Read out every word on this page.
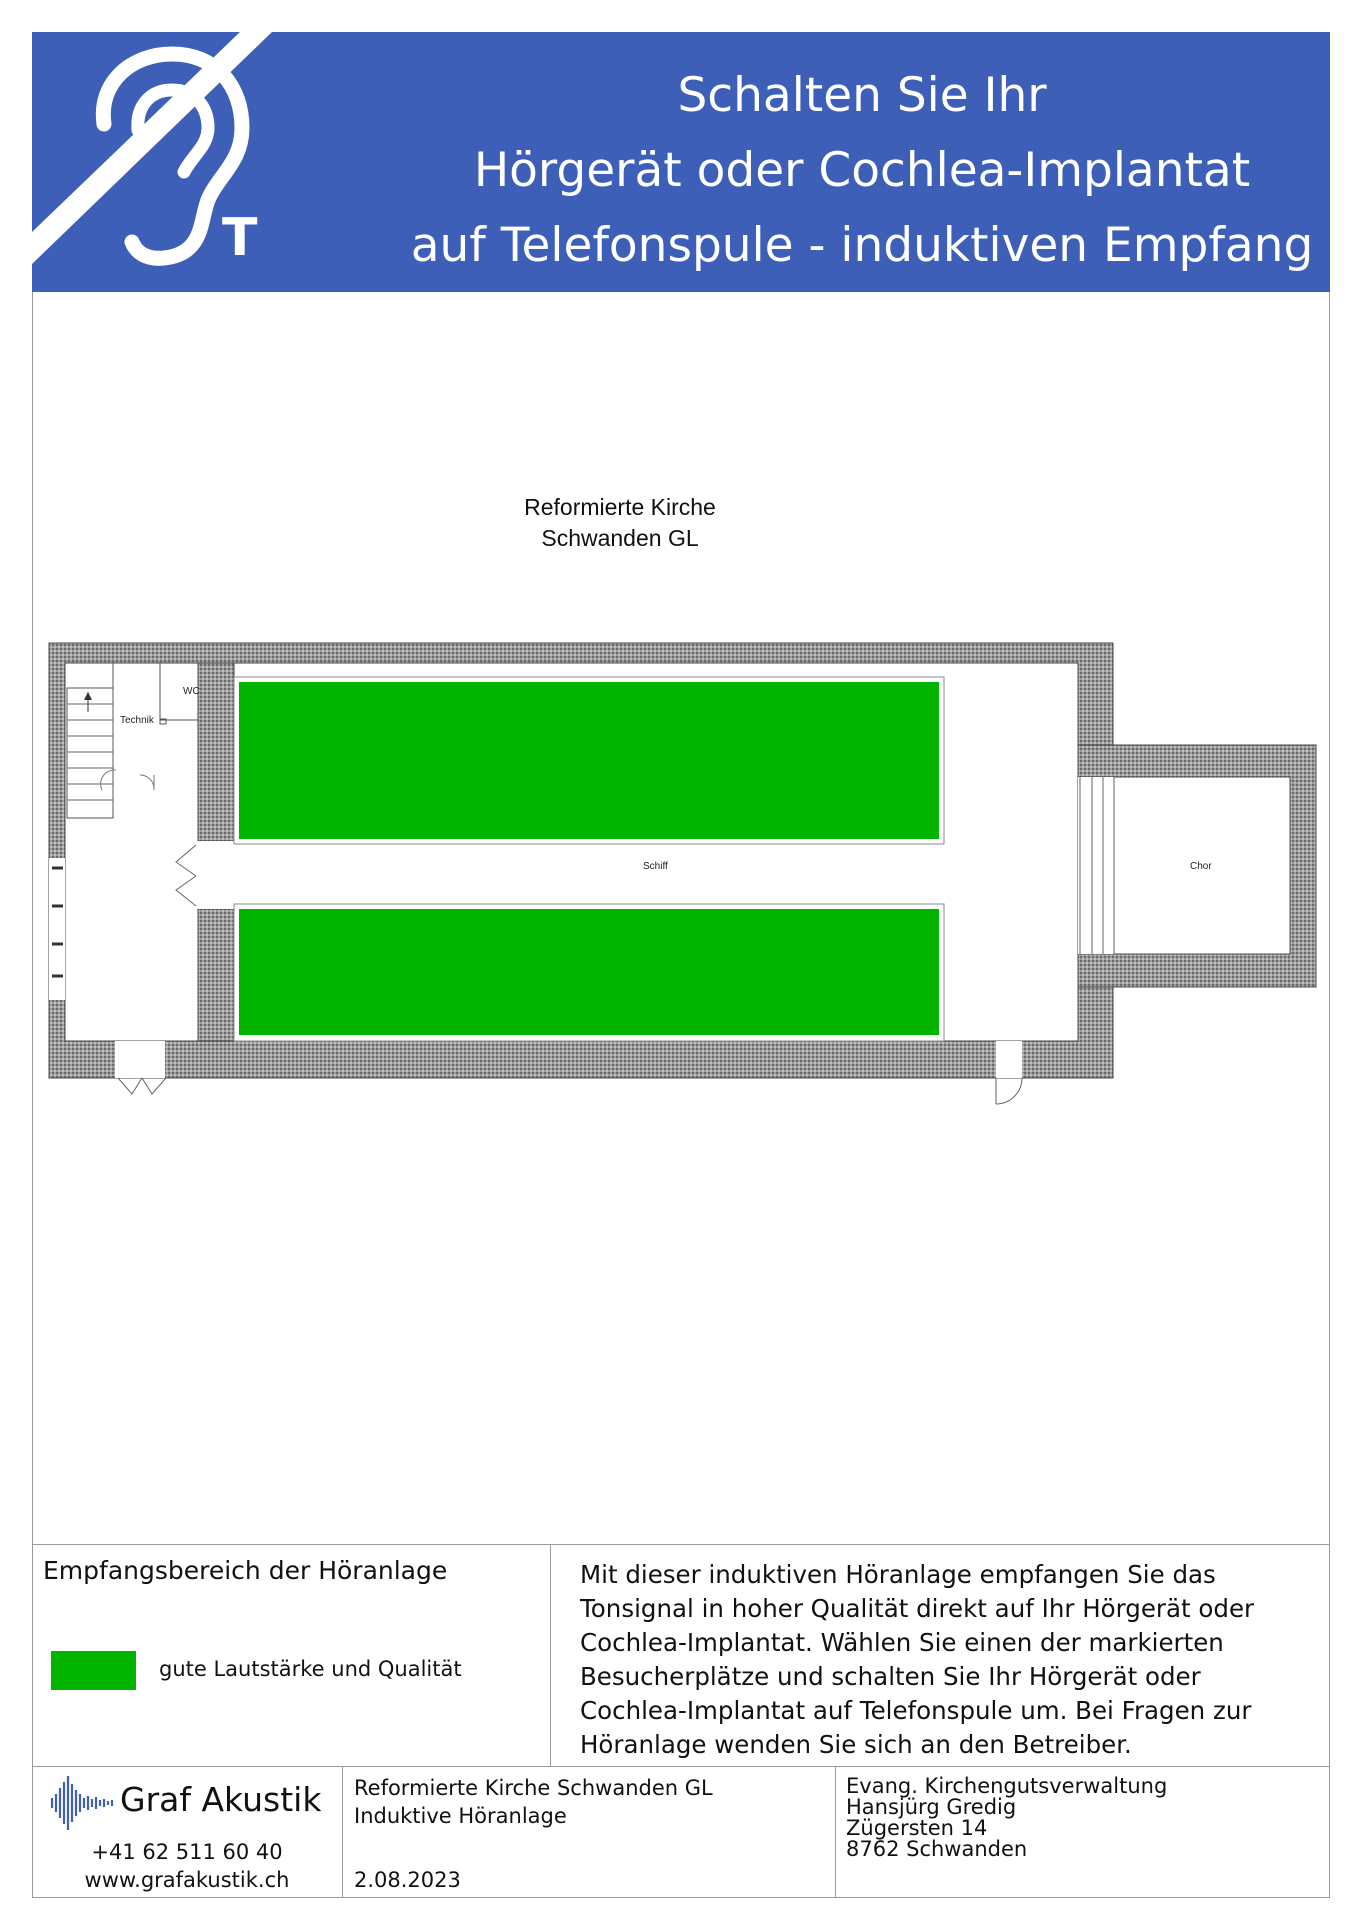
T
Schalten Sie Ihr
Hörgerät oder Cochlea-Implantat
auf Telefonspule - induktiven Empfang
Reformierte Kirche
Schwanden GL
Technik
WC
Schiff	Chor
Empfangsbereich der Höranlage
gute Lautstärke und Qualität
Mit dieser induktiven Höranlage empfangen Sie das
Tonsignal in hoher Qualität direkt auf Ihr Hörgerät oder
Cochlea-Implantat. Wählen Sie einen der markierten
Besucherplätze und schalten Sie Ihr Hörgerät oder
Cochlea-Implantat auf Telefonspule um. Bei Fragen zur
Höranlage wenden Sie sich an den Betreiber.
Graf Akustik
+41 62 511 60 40
www.grafakustik.ch
Reformierte Kirche Schwanden GL
Induktive Höranlage
2.08.2023
Evang. Kirchengutsverwaltung
Hansjürg Gredig
Zügersten 14
8762 Schwanden
